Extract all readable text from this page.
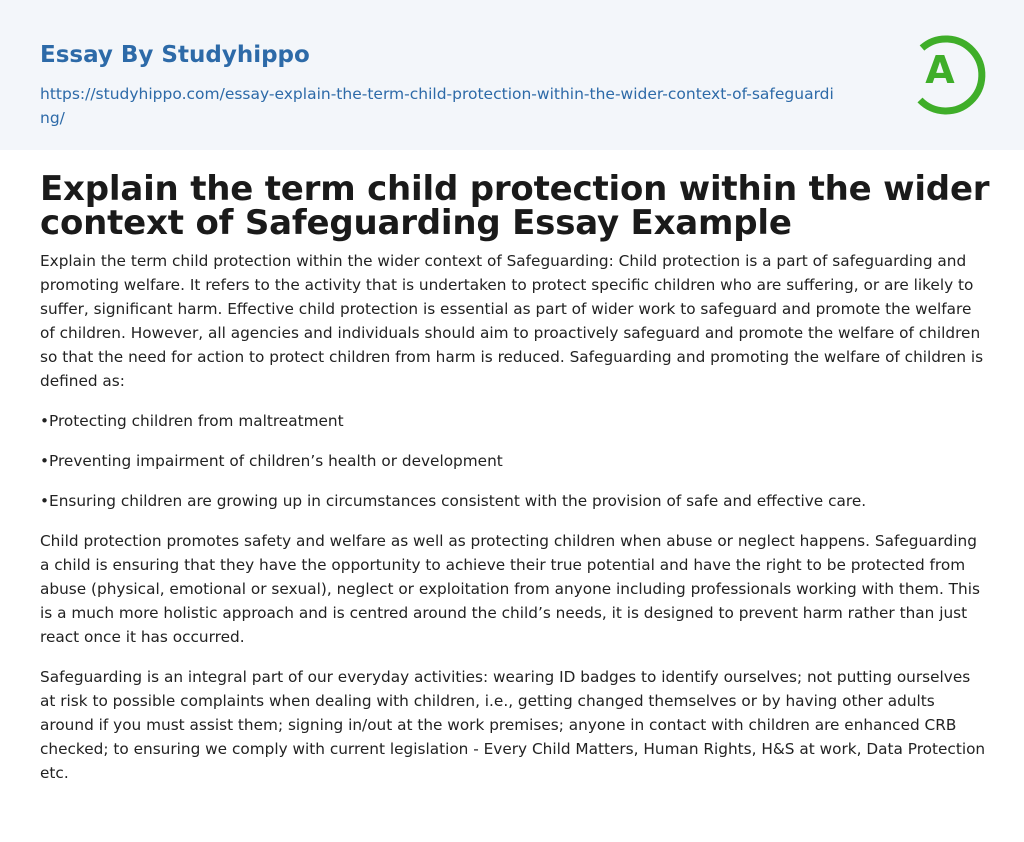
Essay By Studyhippo
https://studyhippo.com/essay-explain-the-term-child-protection-within-the-wider-context-of-safeguarding/
A
Explain the term child protection within the wider context of Safeguarding Essay Example

Explain the term child protection within the wider context of Safeguarding: Child protection is a part of safeguarding and promoting welfare. It refers to the activity that is undertaken to protect specific children who are suffering, or are likely to suffer, significant harm. Effective child protection is essential as part of wider work to safeguard and promote the welfare of children. However, all agencies and individuals should aim to proactively safeguard and promote the welfare of children so that the need for action to protect children from harm is reduced. Safeguarding and promoting the welfare of children is defined as:

•Protecting children from maltreatment

•Preventing impairment of children’s health or development

•Ensuring children are growing up in circumstances consistent with the provision of safe and effective care.

Child protection promotes safety and welfare as well as protecting children when abuse or neglect happens. Safeguarding a child is ensuring that they have the opportunity to achieve their true potential and have the right to be protected from abuse (physical, emotional or sexual), neglect or exploitation from anyone including professionals working with them. This is a much more holistic approach and is centred around the child’s needs, it is designed to prevent harm rather than just react once it has occurred.

Safeguarding is an integral part of our everyday activities: wearing ID badges to identify ourselves; not putting ourselves at risk to possible complaints when dealing with children, i.e., getting changed themselves or by having other adults around if you must assist them; signing in/out at the work premises; anyone in contact with children are enhanced CRB checked; to ensuring we comply with current legislation - Every Child Matters, Human Rights, H&S at work, Data Protection etc.
